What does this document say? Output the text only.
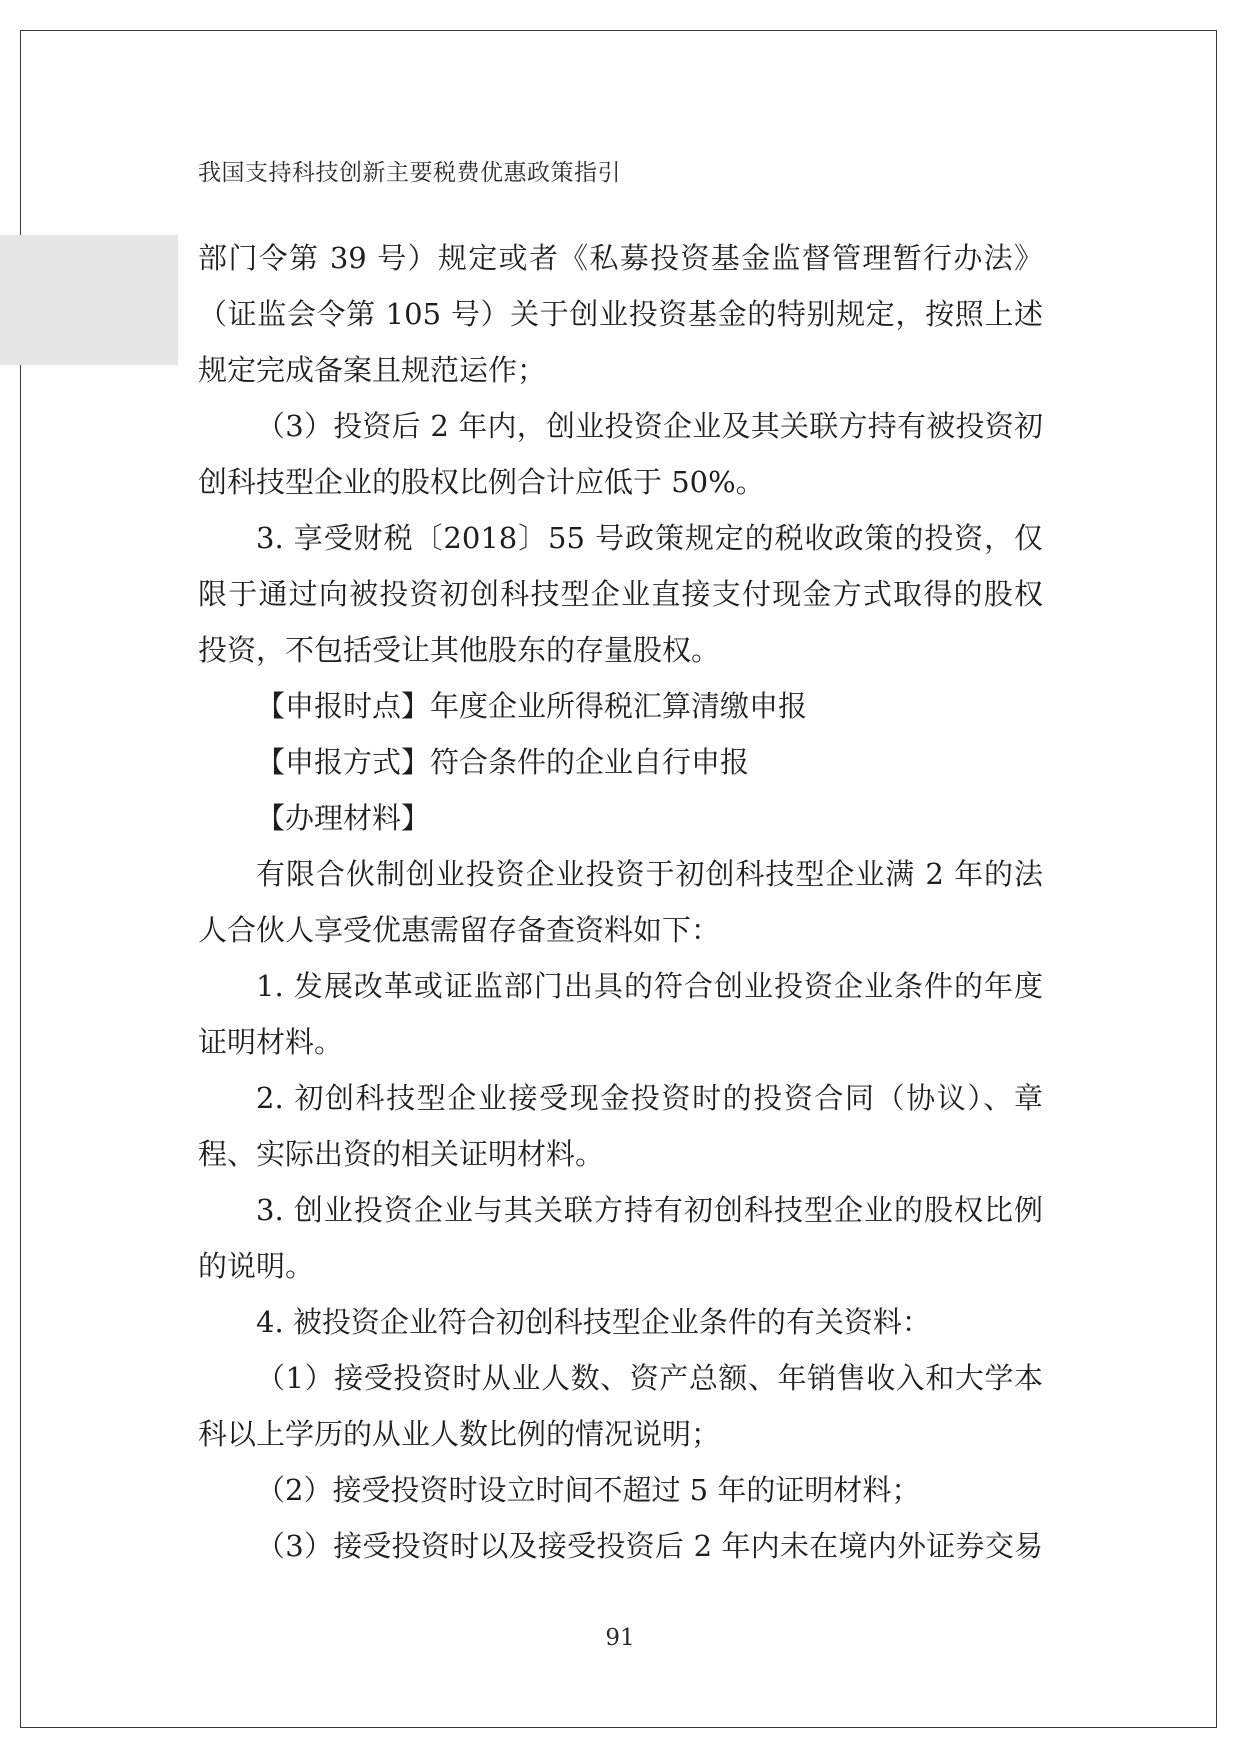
我国支持科技创新主要税费优惠政策指引
部门令第 39 号）规定或者《私募投资基金监督管理暂行办法》
（证监会令第 105 号）关于创业投资基金的特别规定，按照上述
规定完成备案且规范运作；
（3）投资后 2 年内，创业投资企业及其关联方持有被投资初
创科技型企业的股权比例合计应低于 50%。
3. 享受财税〔2018〕55 号政策规定的税收政策的投资，仅
限于通过向被投资初创科技型企业直接支付现金方式取得的股权
投资，不包括受让其他股东的存量股权。
【申报时点】年度企业所得税汇算清缴申报
【申报方式】符合条件的企业自行申报
【办理材料】
有限合伙制创业投资企业投资于初创科技型企业满 2 年的法
人合伙人享受优惠需留存备查资料如下：
1. 发展改革或证监部门出具的符合创业投资企业条件的年度
证明材料。
2. 初创科技型企业接受现金投资时的投资合同（协议）、章
程、实际出资的相关证明材料。
3. 创业投资企业与其关联方持有初创科技型企业的股权比例
的说明。
4. 被投资企业符合初创科技型企业条件的有关资料：
（1）接受投资时从业人数、资产总额、年销售收入和大学本
科以上学历的从业人数比例的情况说明；
（2）接受投资时设立时间不超过 5 年的证明材料；
（3）接受投资时以及接受投资后 2 年内未在境内外证券交易
91
